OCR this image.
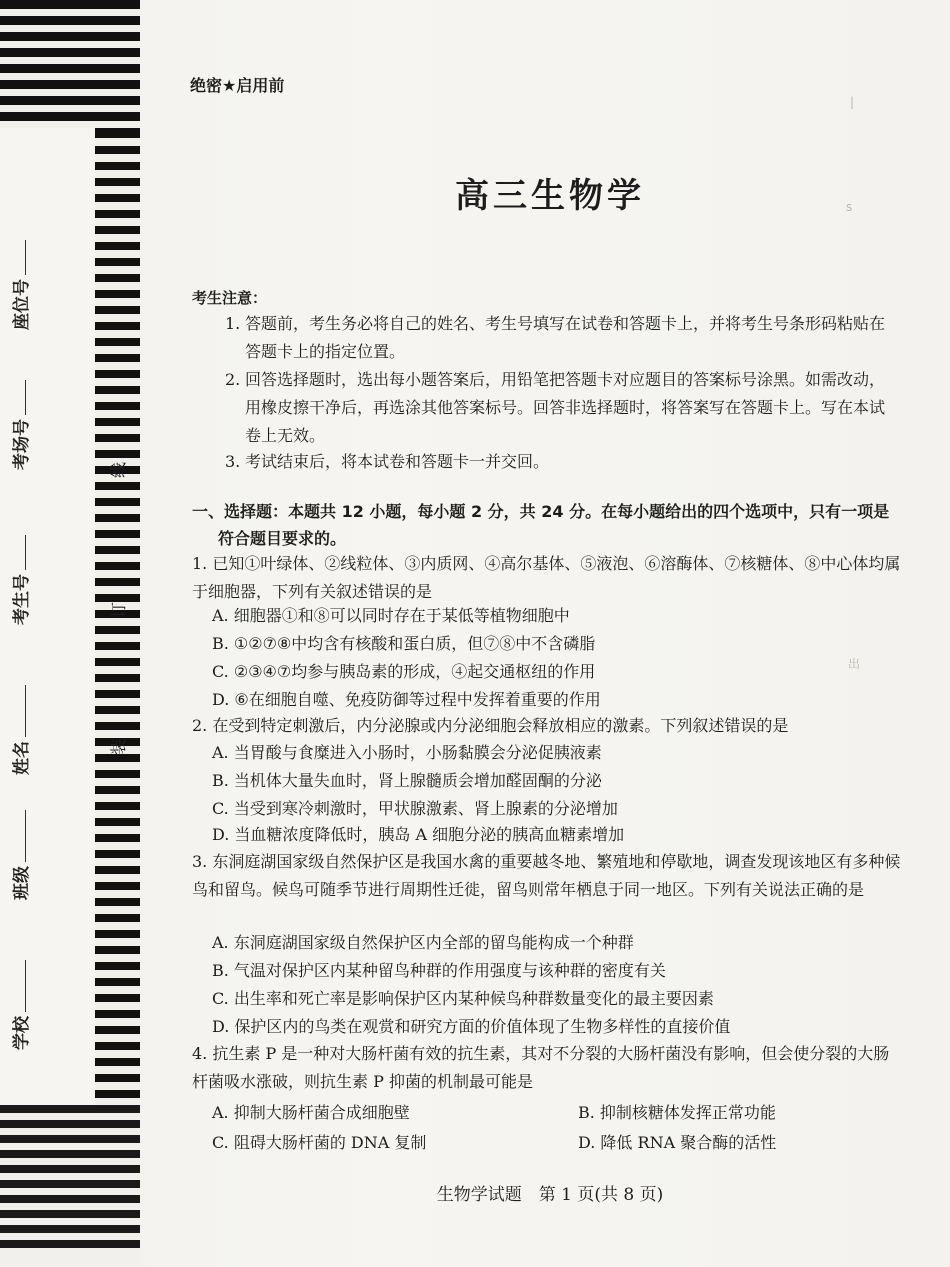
座位号
考场号
考生号
姓名
班级
学校
线
订
装
|
s
出
绝密★启用前
高三生物学
考生注意：
1. 答题前，考生务必将自己的姓名、考生号填写在试卷和答题卡上，并将考生号条形码粘贴在答题卡上的指定位置。
2. 回答选择题时，选出每小题答案后，用铅笔把答题卡对应题目的答案标号涂黑。如需改动，用橡皮擦干净后，再选涂其他答案标号。回答非选择题时，将答案写在答题卡上。写在本试卷上无效。
3. 考试结束后，将本试卷和答题卡一并交回。
一、选择题：本题共 12 小题，每小题 2 分，共 24 分。在每小题给出的四个选项中，只有一项是
符合题目要求的。
1. 已知①叶绿体、②线粒体、③内质网、④高尔基体、⑤液泡、⑥溶酶体、⑦核糖体、⑧中心体均属于细胞器，下列有关叙述错误的是
A. 细胞器①和⑧可以同时存在于某低等植物细胞中
B. ①②⑦⑧中均含有核酸和蛋白质，但⑦⑧中不含磷脂
C. ②③④⑦均参与胰岛素的形成，④起交通枢纽的作用
D. ⑥在细胞自噬、免疫防御等过程中发挥着重要的作用
2. 在受到特定刺激后，内分泌腺或内分泌细胞会释放相应的激素。下列叙述错误的是
A. 当胃酸与食糜进入小肠时，小肠黏膜会分泌促胰液素
B. 当机体大量失血时，肾上腺髓质会增加醛固酮的分泌
C. 当受到寒冷刺激时，甲状腺激素、肾上腺素的分泌增加
D. 当血糖浓度降低时，胰岛 A 细胞分泌的胰高血糖素增加
3. 东洞庭湖国家级自然保护区是我国水禽的重要越冬地、繁殖地和停歇地，调查发现该地区有多种候鸟和留鸟。候鸟可随季节进行周期性迁徙，留鸟则常年栖息于同一地区。下列有关说法正确的是
A. 东洞庭湖国家级自然保护区内全部的留鸟能构成一个种群
B. 气温对保护区内某种留鸟种群的作用强度与该种群的密度有关
C. 出生率和死亡率是影响保护区内某种候鸟种群数量变化的最主要因素
D. 保护区内的鸟类在观赏和研究方面的价值体现了生物多样性的直接价值
4. 抗生素 P 是一种对大肠杆菌有效的抗生素，其对不分裂的大肠杆菌没有影响，但会使分裂的大肠杆菌吸水涨破，则抗生素 P 抑菌的机制最可能是
A. 抑制大肠杆菌合成细胞壁	B. 抑制核糖体发挥正常功能
C. 阻碍大肠杆菌的 DNA 复制	D. 降低 RNA 聚合酶的活性
生物学试题　第 1 页(共 8 页)
